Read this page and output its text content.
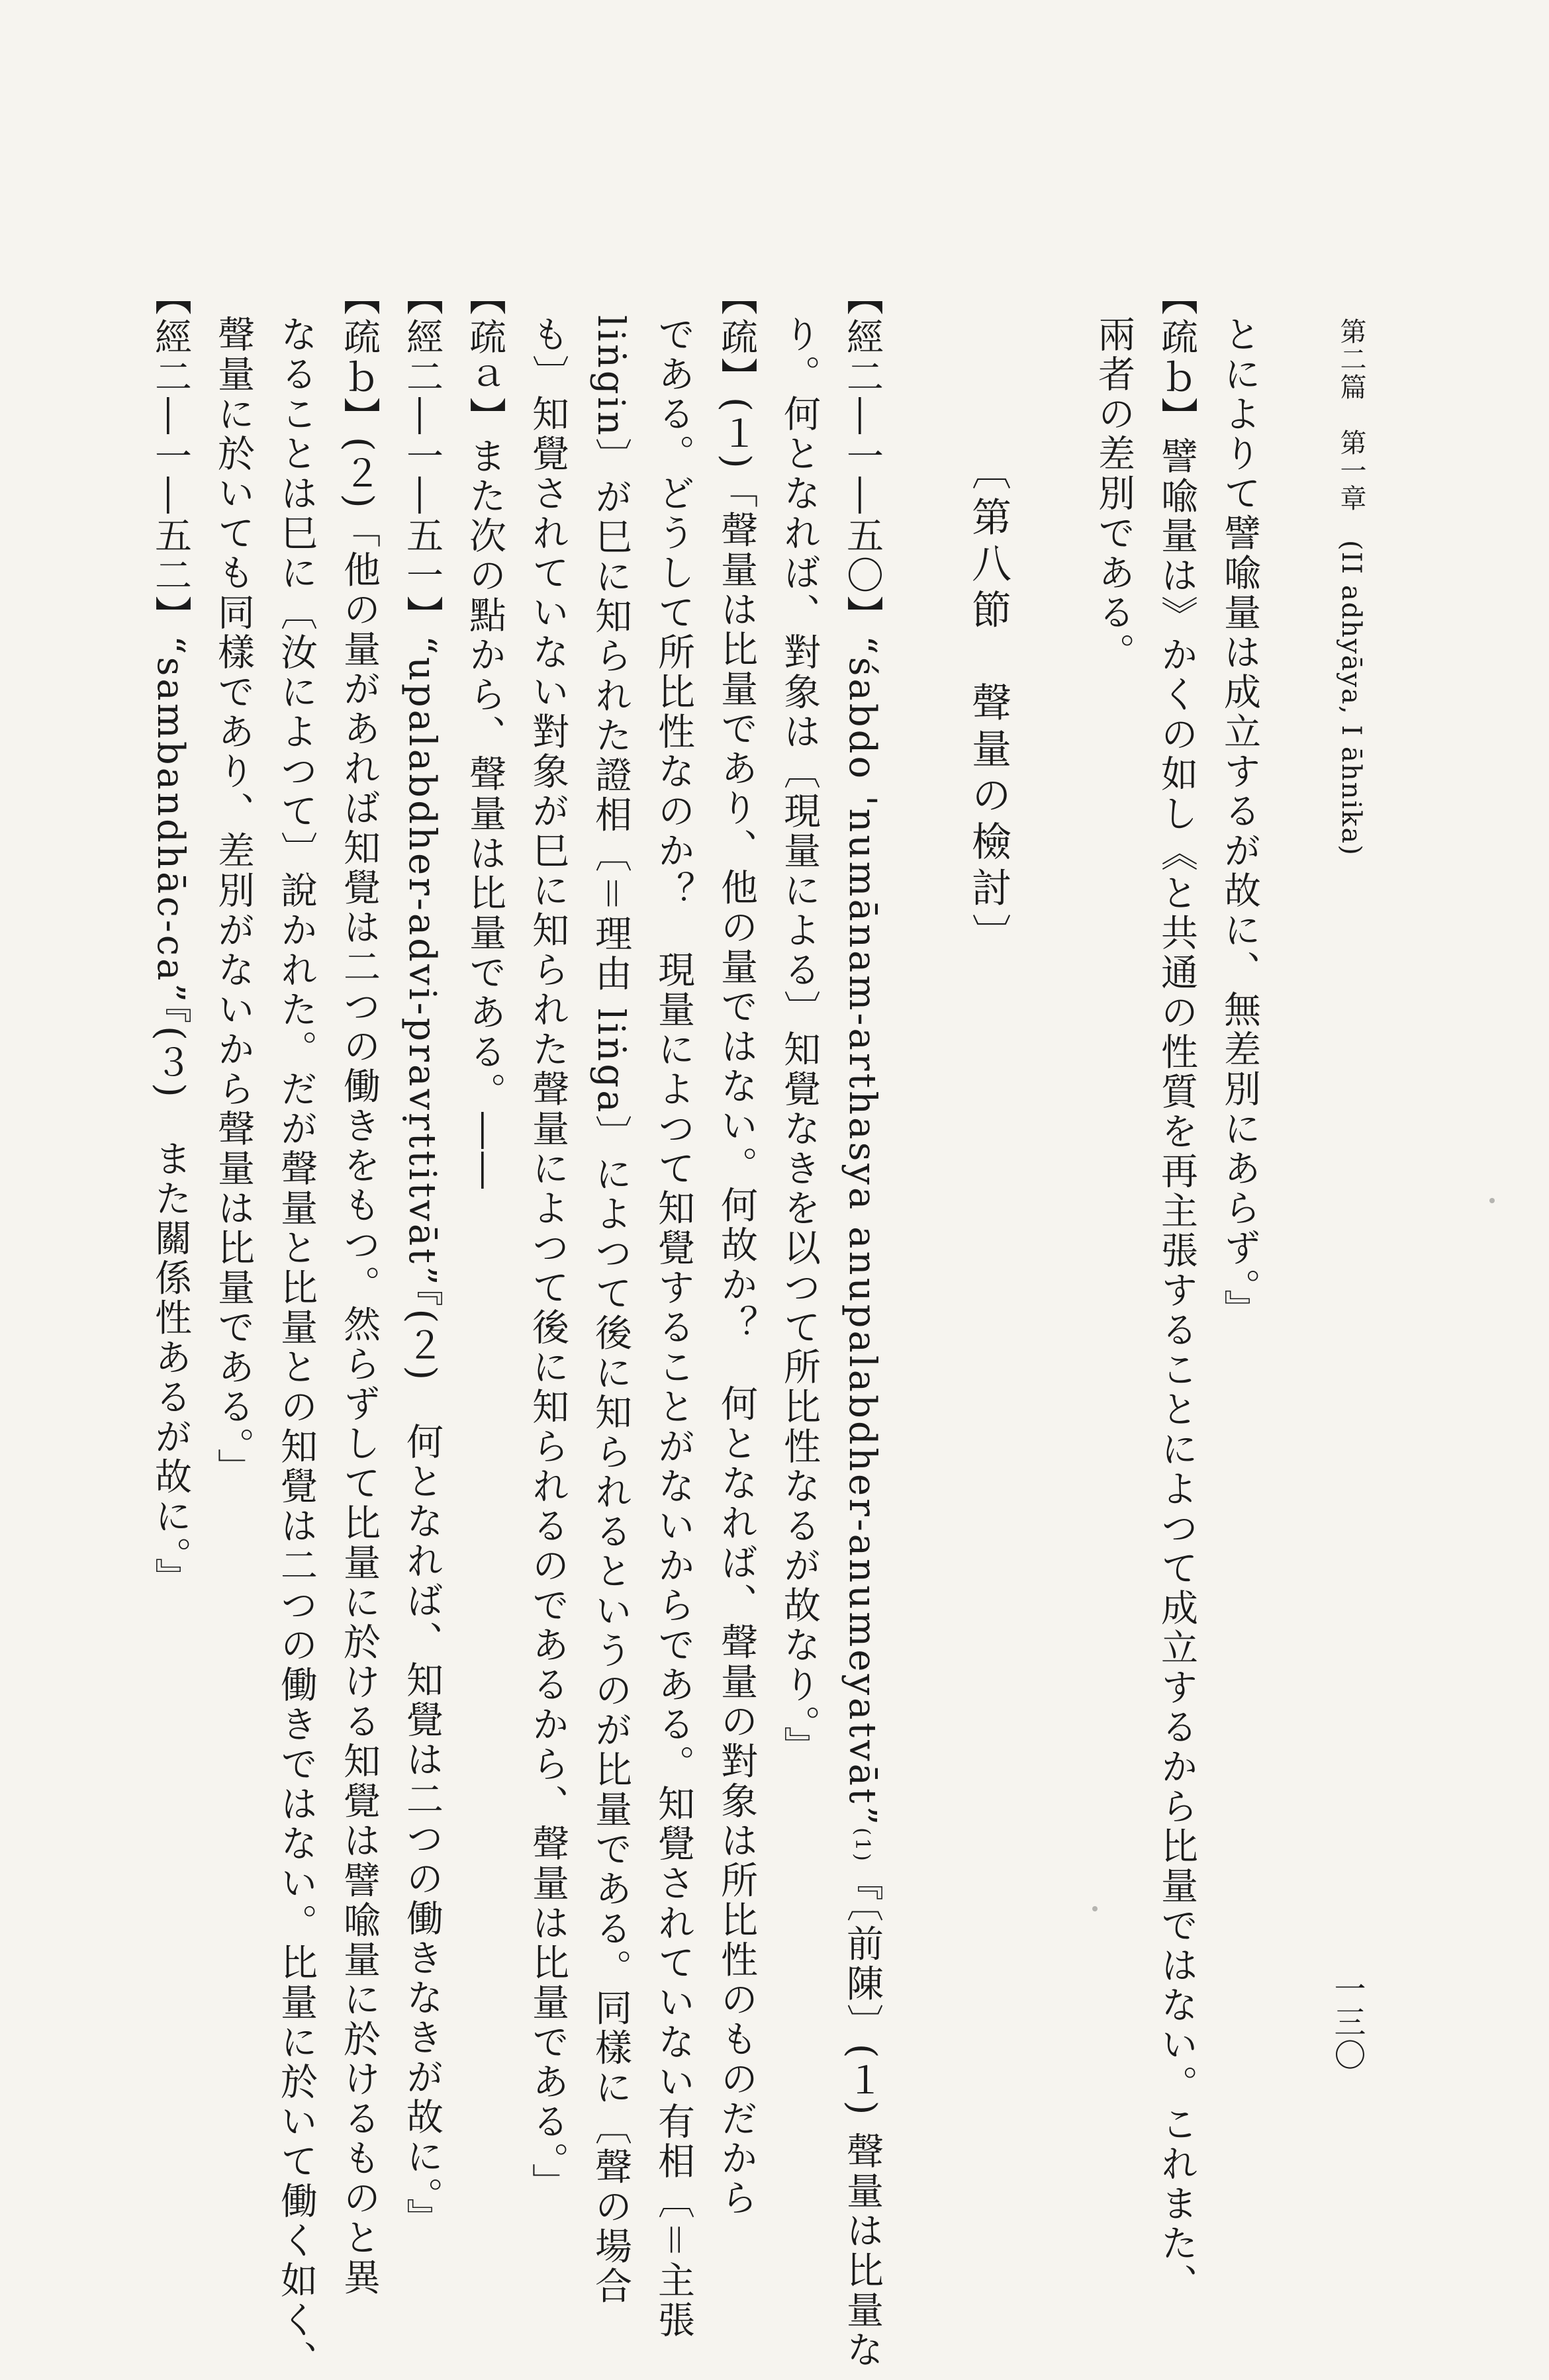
第二篇　第一章　(II adhyāya, I āhnika)
一三〇
とによりて譬喩量は成立するが故に、無差別にあらず。』
【疏ｂ】譬喩量は》かくの如し《と共通の性質を再主張することによつて成立するから比量ではない。これまた、
兩者の差別である。
〔第八節　聲量の檢討〕
【經二―一―五〇】“śabdo 'numānam-arthasya anupalabdher-anumeyatvāt”(1)『〔前陳〕(１) 聲量は比量な
り。何となれば、對象は〔現量による〕知覺なきを以つて所比性なるが故なり。』
【疏】(１)「聲量は比量であり、他の量ではない。何故か？　何となれば、聲量の對象は所比性のものだから
である。どうして所比性なのか？　現量によつて知覺することがないからである。知覺されていない有相〔＝主張
liṅgin〕が巳に知られた證相〔＝理由 liṅga〕によつて後に知られるというのが比量である。同樣に〔聲の場合
も〕知覺されていない對象が巳に知られた聲量によつて後に知られるのであるから、聲量は比量である。」
【疏ａ】また次の點から、聲量は比量である。――
【經二―一―五一】“upalabdher-advi-pravṛttitvāt”『(２)　何となれば、知覺は二つの働きなきが故に。』
【疏ｂ】(２)「他の量があれば知覺は二つの働きをもつ。然らずして比量に於ける知覺は譬喩量に於けるものと異
なることは巳に〔汝によつて〕說かれた。だが聲量と比量との知覺は二つの働きではない。比量に於いて働く如く、
聲量に於いても同樣であり、差別がないから聲量は比量である。」
【經二―一―五二】“sambandhāc-ca”『(３)　また關係性あるが故に。』
